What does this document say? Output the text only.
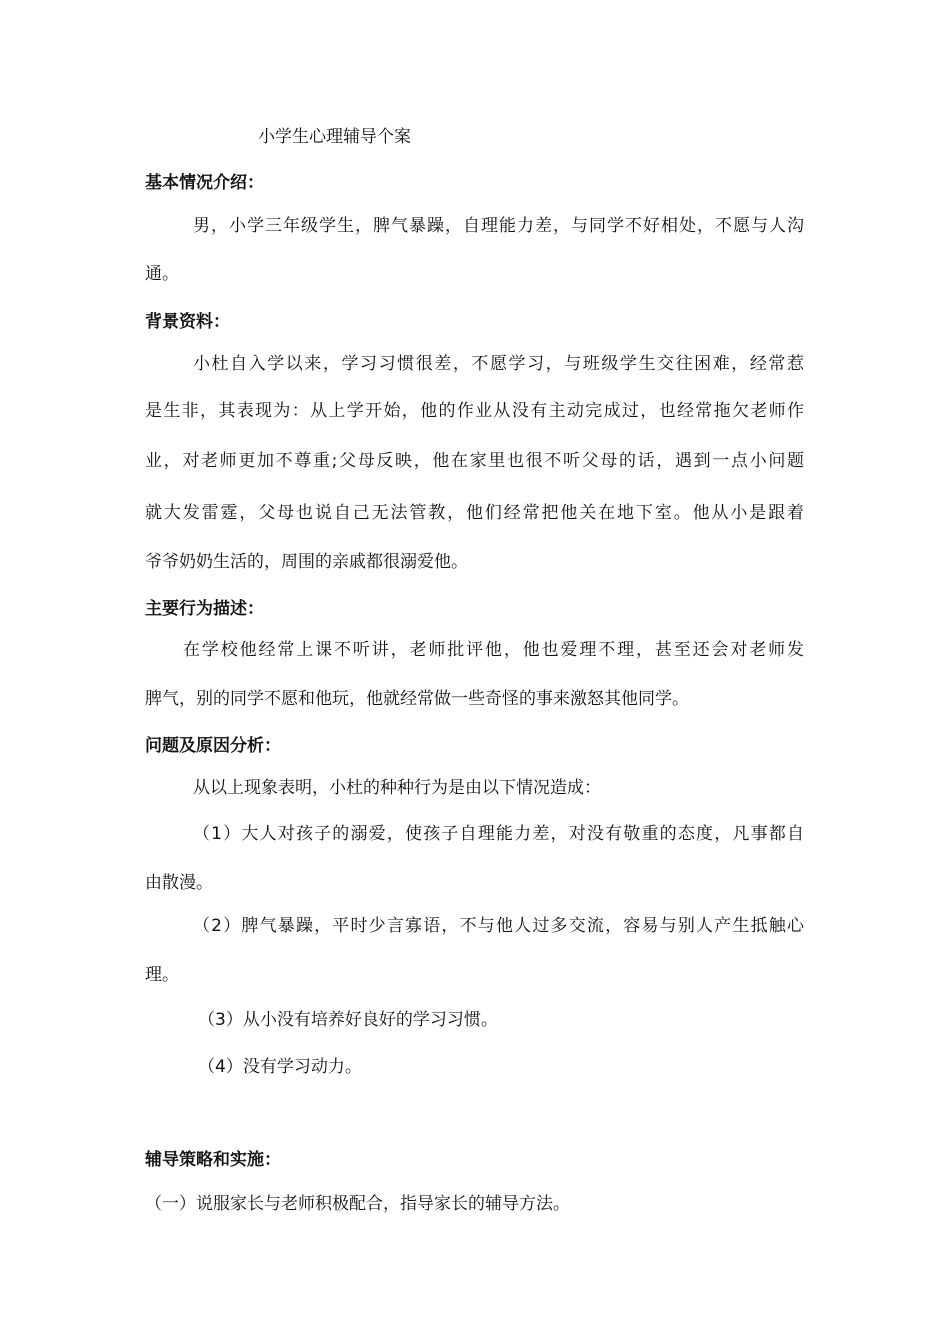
小学生心理辅导个案
基本情况介绍：
男，小学三年级学生，脾气暴躁，自理能力差，与同学不好相处，不愿与人沟
通。
背景资料：
小杜自入学以来，学习习惯很差，不愿学习，与班级学生交往困难，经常惹
是生非，其表现为：从上学开始，他的作业从没有主动完成过，也经常拖欠老师作
业，对老师更加不尊重;父母反映，他在家里也很不听父母的话，遇到一点小问题
就大发雷霆，父母也说自己无法管教，他们经常把他关在地下室。他从小是跟着
爷爷奶奶生活的，周围的亲戚都很溺爱他。
主要行为描述：
在学校他经常上课不听讲，老师批评他，他也爱理不理，甚至还会对老师发
脾气，别的同学不愿和他玩，他就经常做一些奇怪的事来激怒其他同学。
问题及原因分析：
从以上现象表明，小杜的种种行为是由以下情况造成：
（1）大人对孩子的溺爱，使孩子自理能力差，对没有敬重的态度，凡事都自
由散漫。
（2）脾气暴躁，平时少言寡语，不与他人过多交流，容易与别人产生抵触心
理。
（3）从小没有培养好良好的学习习惯。
（4）没有学习动力。
辅导策略和实施：
（一）说服家长与老师积极配合，指导家长的辅导方法。
